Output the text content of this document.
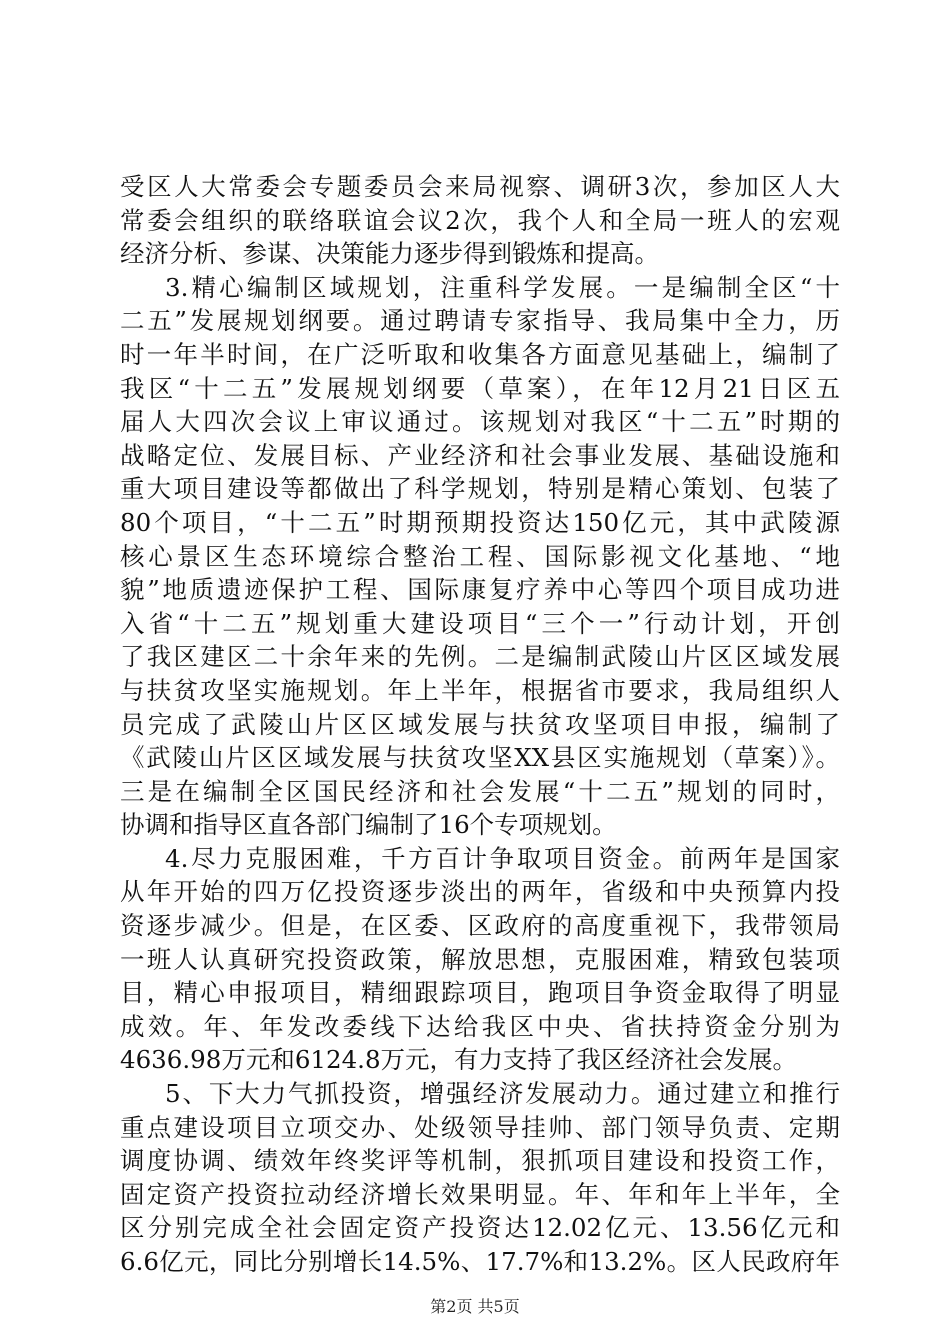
受区人大常委会专题委员会来局视察、调研3次，参加区人大
常委会组织的联络联谊会议2次，我个人和全局一班人的宏观
经济分析、参谋、决策能力逐步得到锻炼和提高。
3.精心编制区域规划，注重科学发展。一是编制全区“十
二五”发展规划纲要。通过聘请专家指导、我局集中全力，历
时一年半时间，在广泛听取和收集各方面意见基础上，编制了
我区“十二五”发展规划纲要（草案），在年12月21日区五
届人大四次会议上审议通过。该规划对我区“十二五”时期的
战略定位、发展目标、产业经济和社会事业发展、基础设施和
重大项目建设等都做出了科学规划，特别是精心策划、包装了
80个项目，“十二五”时期预期投资达150亿元，其中武陵源
核心景区生态环境综合整治工程、国际影视文化基地、“地
貌”地质遗迹保护工程、国际康复疗养中心等四个项目成功进
入省“十二五”规划重大建设项目“三个一”行动计划，开创
了我区建区二十余年来的先例。二是编制武陵山片区区域发展
与扶贫攻坚实施规划。年上半年，根据省市要求，我局组织人
员完成了武陵山片区区域发展与扶贫攻坚项目申报，编制了
《武陵山片区区域发展与扶贫攻坚XX县区实施规划（草案）》。
三是在编制全区国民经济和社会发展“十二五”规划的同时，
协调和指导区直各部门编制了16个专项规划。
4.尽力克服困难，千方百计争取项目资金。前两年是国家
从年开始的四万亿投资逐步淡出的两年，省级和中央预算内投
资逐步减少。但是，在区委、区政府的高度重视下，我带领局
一班人认真研究投资政策，解放思想，克服困难，精致包装项
目，精心申报项目，精细跟踪项目，跑项目争资金取得了明显
成效。年、年发改委线下达给我区中央、省扶持资金分别为
4636.98万元和6124.8万元，有力支持了我区经济社会发展。
5、下大力气抓投资，增强经济发展动力。通过建立和推行
重点建设项目立项交办、处级领导挂帅、部门领导负责、定期
调度协调、绩效年终奖评等机制，狠抓项目建设和投资工作，
固定资产投资拉动经济增长效果明显。年、年和年上半年，全
区分别完成全社会固定资产投资达12.02亿元、13.56亿元和
6.6亿元，同比分别增长14.5%、17.7%和13.2%。区人民政府年
第2页 共5页
